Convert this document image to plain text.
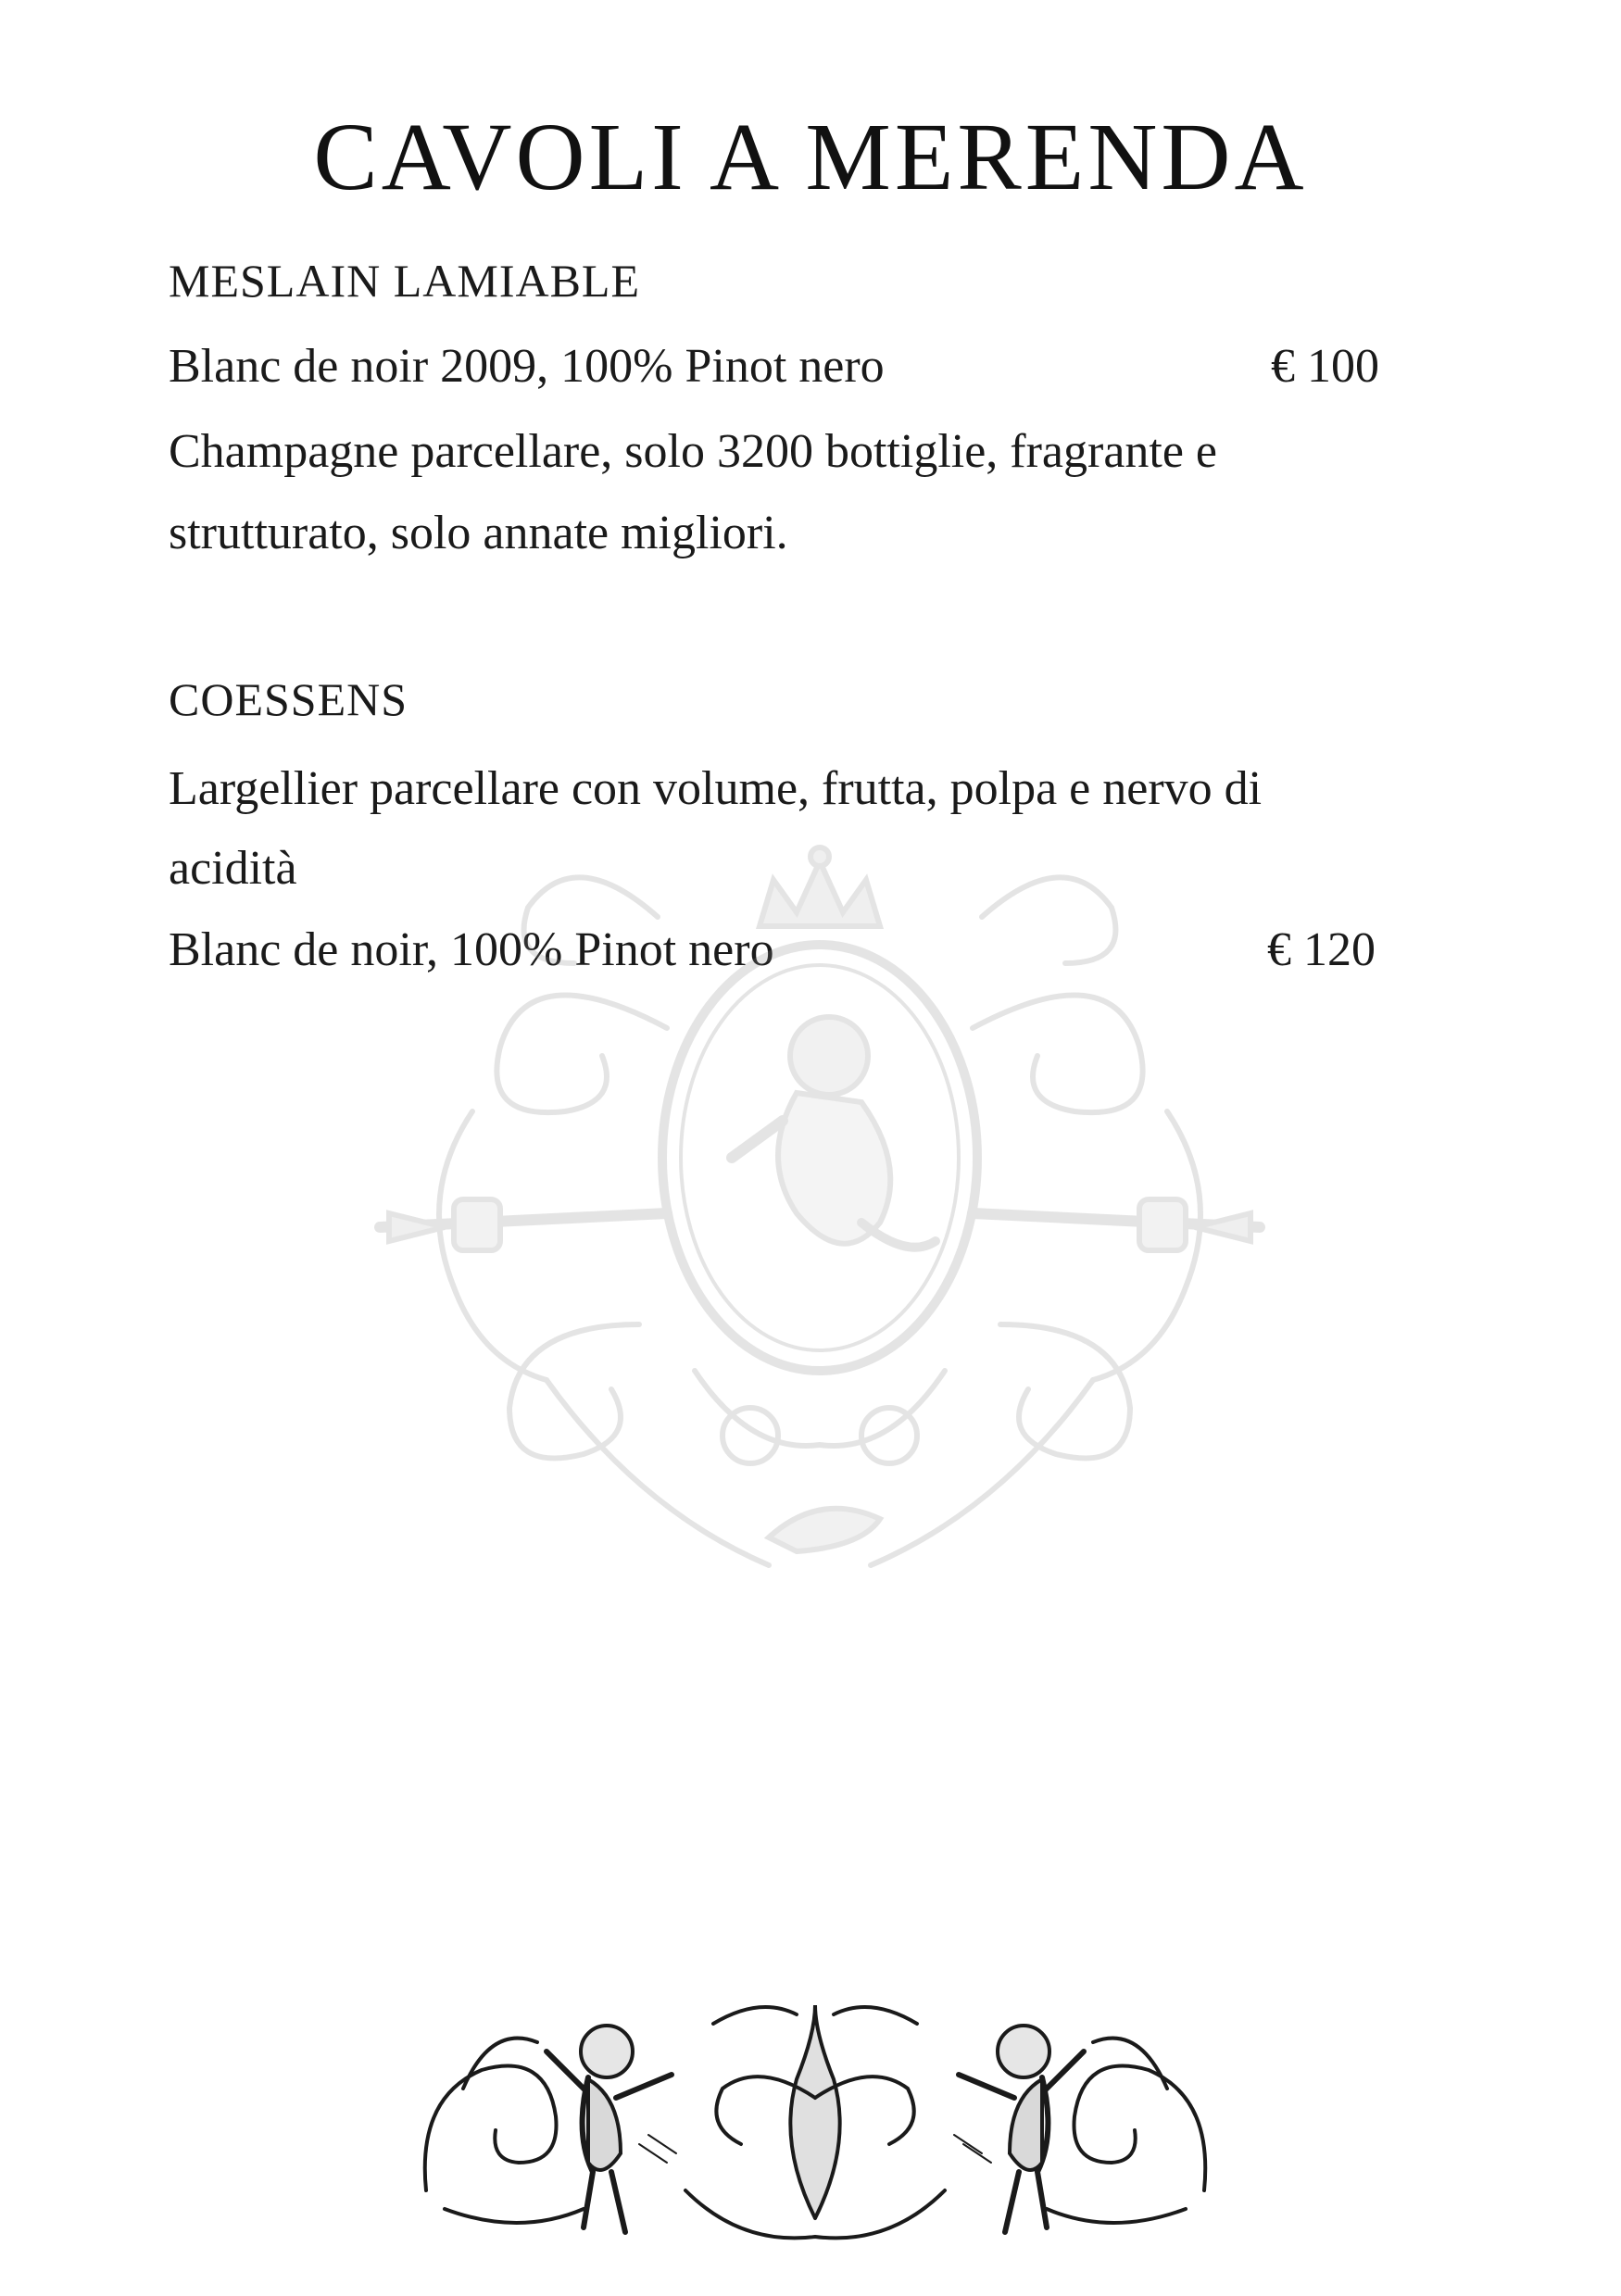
CAVOLI A MERENDA
MESLAIN LAMIABLE
Blanc de noir 2009, 100% Pinot nero	€ 100
Champagne parcellare, solo 3200 bottiglie, fragrante e
strutturato, solo annate migliori.
COESSENS
Largellier parcellare con volume, frutta, polpa e nervo di
acidità
Blanc de noir, 100% Pinot nero	€ 120
